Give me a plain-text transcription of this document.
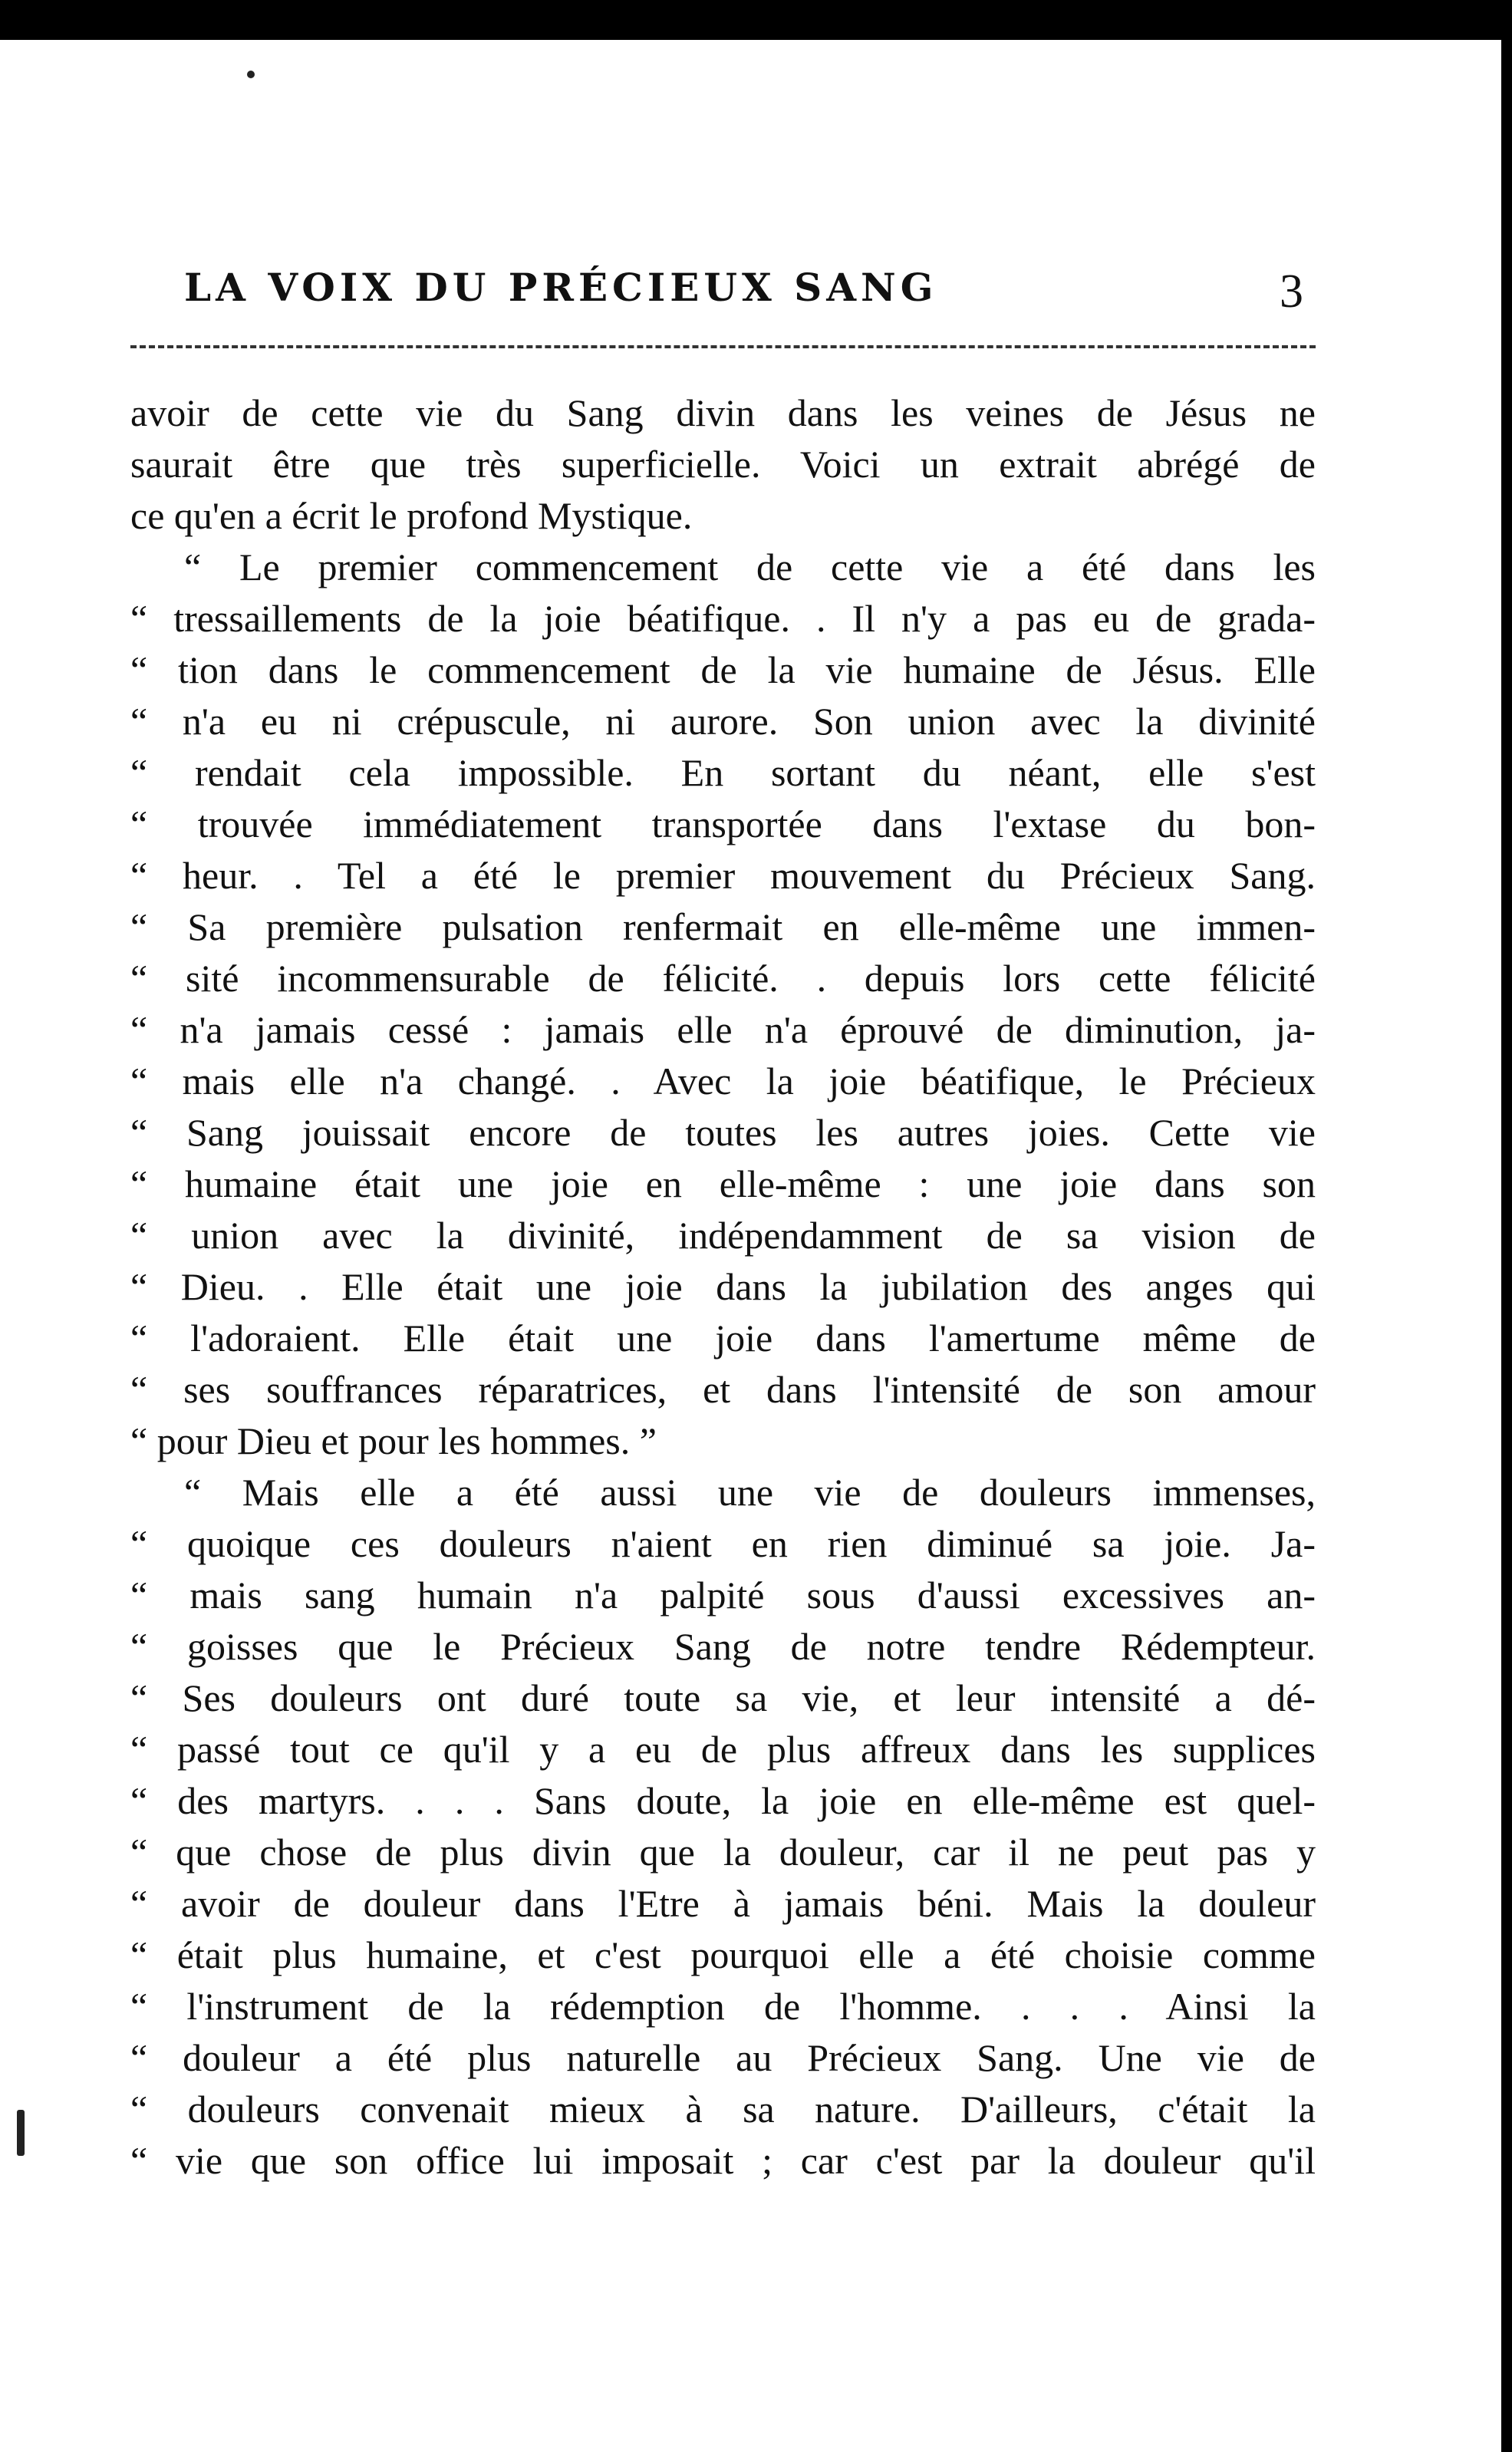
LA VOIX DU PRÉCIEUX SANG	3
avoir de cette vie du Sang divin dans les veines de Jésus ne
saurait être que très superficielle. Voici un extrait abrégé de
ce qu'en a écrit le profond Mystique.
“ Le premier commencement de cette vie a été dans les
“ tressaillements de la joie béatifique. . Il n'y a pas eu de grada-
“ tion dans le commencement de la vie humaine de Jésus. Elle
“ n'a eu ni crépuscule, ni aurore. Son union avec la divinité
“ rendait cela impossible. En sortant du néant, elle s'est
“ trouvée immédiatement transportée dans l'extase du bon-
“ heur. . Tel a été le premier mouvement du Précieux Sang.
“ Sa première pulsation renfermait en elle-même une immen-
“ sité incommensurable de félicité. . depuis lors cette félicité
“ n'a jamais cessé : jamais elle n'a éprouvé de diminution, ja-
“ mais elle n'a changé. . Avec la joie béatifique, le Précieux
“ Sang jouissait encore de toutes les autres joies. Cette vie
“ humaine était une joie en elle-même : une joie dans son
“ union avec la divinité, indépendamment de sa vision de
“ Dieu. . Elle était une joie dans la jubilation des anges qui
“ l'adoraient. Elle était une joie dans l'amertume même de
“ ses souffrances réparatrices, et dans l'intensité de son amour
“ pour Dieu et pour les hommes. ”
“ Mais elle a été aussi une vie de douleurs immenses,
“ quoique ces douleurs n'aient en rien diminué sa joie. Ja-
“ mais sang humain n'a palpité sous d'aussi excessives an-
“ goisses que le Précieux Sang de notre tendre Rédempteur.
“ Ses douleurs ont duré toute sa vie, et leur intensité a dé-
“ passé tout ce qu'il y a eu de plus affreux dans les supplices
“ des martyrs. . . . Sans doute, la joie en elle-même est quel-
“ que chose de plus divin que la douleur, car il ne peut pas y
“ avoir de douleur dans l'Etre à jamais béni. Mais la douleur
“ était plus humaine, et c'est pourquoi elle a été choisie comme
“ l'instrument de la rédemption de l'homme. . . . Ainsi la
“ douleur a été plus naturelle au Précieux Sang. Une vie de
“ douleurs convenait mieux à sa nature. D'ailleurs, c'était la
“ vie que son office lui imposait ; car c'est par la douleur qu'il
